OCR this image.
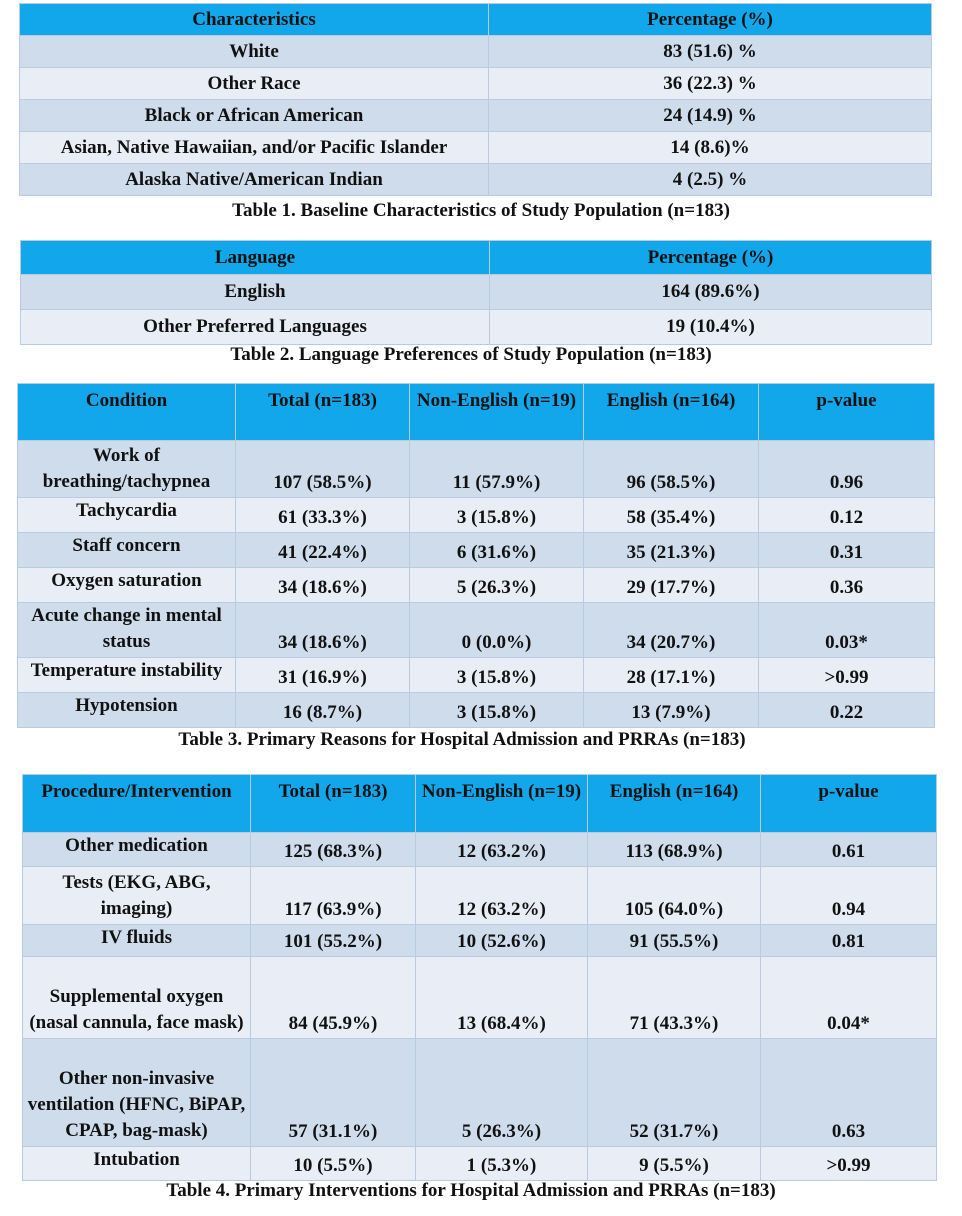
Characteristics	Percentage (%)
White	83 (51.6) %
Other Race	36 (22.3) %
Black or African American	24 (14.9) %
Asian, Native Hawaiian, and/or Pacific Islander	14 (8.6)%
Alaska Native/American Indian	4 (2.5) %
Table 1. Baseline Characteristics of Study Population (n=183)
Language	Percentage (%)
English	164 (89.6%)
Other Preferred Languages	19 (10.4%)
Table 2. Language Preferences of Study Population (n=183)
Condition	Total (n=183)	Non-English (n=19)	English (n=164)	p-value
Work of breathing/tachypnea	107 (58.5%)	11 (57.9%)	96 (58.5%)	0.96
Tachycardia	61 (33.3%)	3 (15.8%)	58 (35.4%)	0.12
Staff concern	41 (22.4%)	6 (31.6%)	35 (21.3%)	0.31
Oxygen saturation	34 (18.6%)	5 (26.3%)	29 (17.7%)	0.36
Acute change in mental status	34 (18.6%)	0 (0.0%)	34 (20.7%)	0.03*
Temperature instability	31 (16.9%)	3 (15.8%)	28 (17.1%)	>0.99
Hypotension	16 (8.7%)	3 (15.8%)	13 (7.9%)	0.22
Table 3. Primary Reasons for Hospital Admission and PRRAs (n=183)
Procedure/Intervention	Total (n=183)	Non-English (n=19)	English (n=164)	p-value
Other medication	125 (68.3%)	12 (63.2%)	113 (68.9%)	0.61
Tests (EKG, ABG, imaging)	117 (63.9%)	12 (63.2%)	105 (64.0%)	0.94
IV fluids	101 (55.2%)	10 (52.6%)	91 (55.5%)	0.81
Supplemental oxygen (nasal cannula, face mask)	84 (45.9%)	13 (68.4%)	71 (43.3%)	0.04*
Other non-invasive ventilation (HFNC, BiPAP, CPAP, bag-mask)	57 (31.1%)	5 (26.3%)	52 (31.7%)	0.63
Intubation	10 (5.5%)	1 (5.3%)	9 (5.5%)	>0.99
Table 4. Primary Interventions for Hospital Admission and PRRAs (n=183)
